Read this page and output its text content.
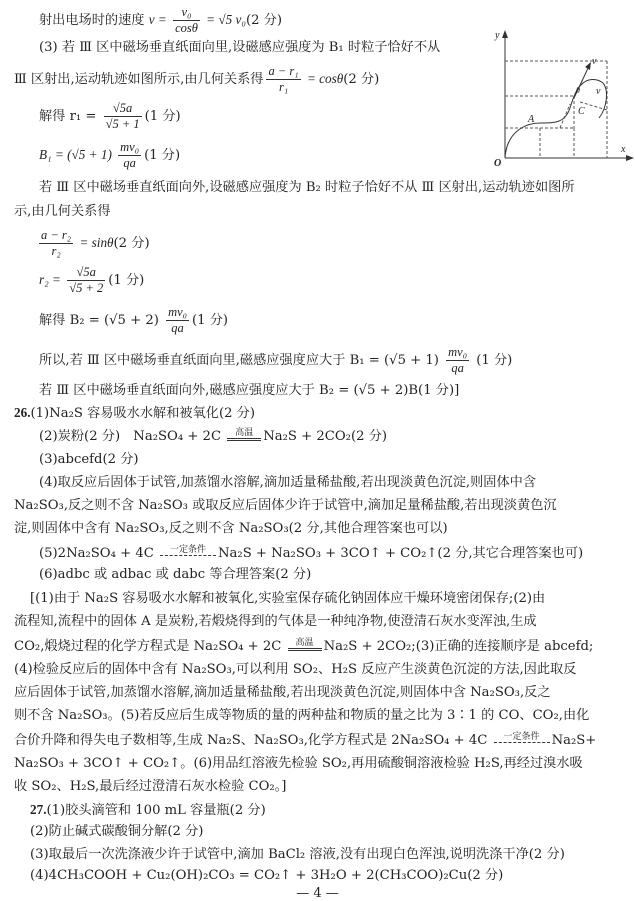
射出电场时的速度 $v = \frac{\text{v₀}}{\cos\theta} = √5$ v₀(2 分)
(3) 若 Ⅲ 区中磁场垂直纸面向里,设磁感应强度为 B₁ 时粒子恰好不从
Ⅲ 区射出,运动轨迹如图所示,由几何关系得 $\frac{\text{a − r₁}}{\text{r₁}} = \cos\theta(2$ 分)
解得 $r_1 = \frac{√5a}{√5 + 1} (1$ 分)
$B_1 = (√5 + 1) \frac{\text{mv₀}}{qa} (1$ 分)
若 Ⅲ 区中磁场垂直纸面向外,设磁感应强度为 B₂ 时粒子恰好不从 Ⅲ 区射出,运动轨迹如图所
示,由几何关系得
$\frac{\text{a − r₂}}{\text{r₂}} = \sin\theta(2$ 分)
$r_2 = \frac{√5a}{√5 + 2} (1$ 分)
解得 $B_2 = (√5 + 2) \frac{\text{mv₀}}{qa} (1$ 分)
所以,若 Ⅲ 区中磁场垂直纸面向里,磁感应强度应大于 $B_1 = (√5 + 1) \frac{\text{mv₀}}{qa} (1$ 分)
若 Ⅲ 区中磁场垂直纸面向外,磁感应强度应大于 B₂ = (√5 + 2)B(1 分)]
y
x
O
A
C
v
v
θ
26.(1)Na₂S 容易吸水水解和被氧化(2 分)
(2)炭粉(2 分)　Na₂SO₄ + 2C	高温 Na₂S + 2CO₂(2 分)
(3)abcefd(2 分)
(4)取反应后固体于试管,加蒸馏水溶解,滴加适量稀盐酸,若出现淡黄色沉淀,则固体中含
Na₂SO₃,反之则不含 Na₂SO₃ 或取反应后固体少许于试管中,滴加足量稀盐酸,若出现淡黄色沉
淀,则固体中含有 Na₂SO₃,反之则不含 Na₂SO₃(2 分,其他合理答案也可以)
(5)2Na₂SO₄ + 4C	一定条件 Na₂S + Na₂SO₃ + 3CO↑ + CO₂↑(2 分,其它合理答案也可)
(6)adbc 或 adbac 或 dabc 等合理答案(2 分)
[(1)由于 Na₂S 容易吸水水解和被氧化,实验室保存硫化钠固体应干燥环境密闭保存;(2)由
流程知,流程中的固体 A 是炭粉,若煅烧得到的气体是一种纯净物,使澄清石灰水变浑浊,生成
CO₂,煅烧过程的化学方程式是 Na₂SO₄ + 2C	高温 Na₂S + 2CO₂;(3)正确的连接顺序是 abcefd;
(4)检验反应后的固体中含有 Na₂SO₃,可以利用 SO₂、H₂S 反应产生淡黄色沉淀的方法,因此取反
应后固体于试管,加蒸馏水溶解,滴加适量稀盐酸,若出现淡黄色沉淀,则固体中含 Na₂SO₃,反之
则不含 Na₂SO₃。(5)若反应后生成等物质的量的两种盐和物质的量之比为 3∶1 的 CO、CO₂,由化
合价升降和得失电子数相等,生成 Na₂S、Na₂SO₃,化学方程式是 2Na₂SO₄ + 4C	一定条件 Na₂S+
Na₂SO₃ + 3CO↑ + CO₂↑。(6)用品红溶液先检验 SO₂,再用硫酸铜溶液检验 H₂S,再经过溴水吸
收 SO₂、H₂S,最后经过澄清石灰水检验 CO₂。]
27.(1)胶头滴管和 100 mL 容量瓶(2 分)
(2)防止碱式碳酸铜分解(2 分)
(3)取最后一次洗涤液少许于试管中,滴加 BaCl₂ 溶液,没有出现白色浑浊,说明洗涤干净(2 分)
(4)4CH₃COOH + Cu₂(OH)₂CO₃ = CO₂↑ + 3H₂O + 2(CH₃COO)₂Cu(2 分)
— 4 —
